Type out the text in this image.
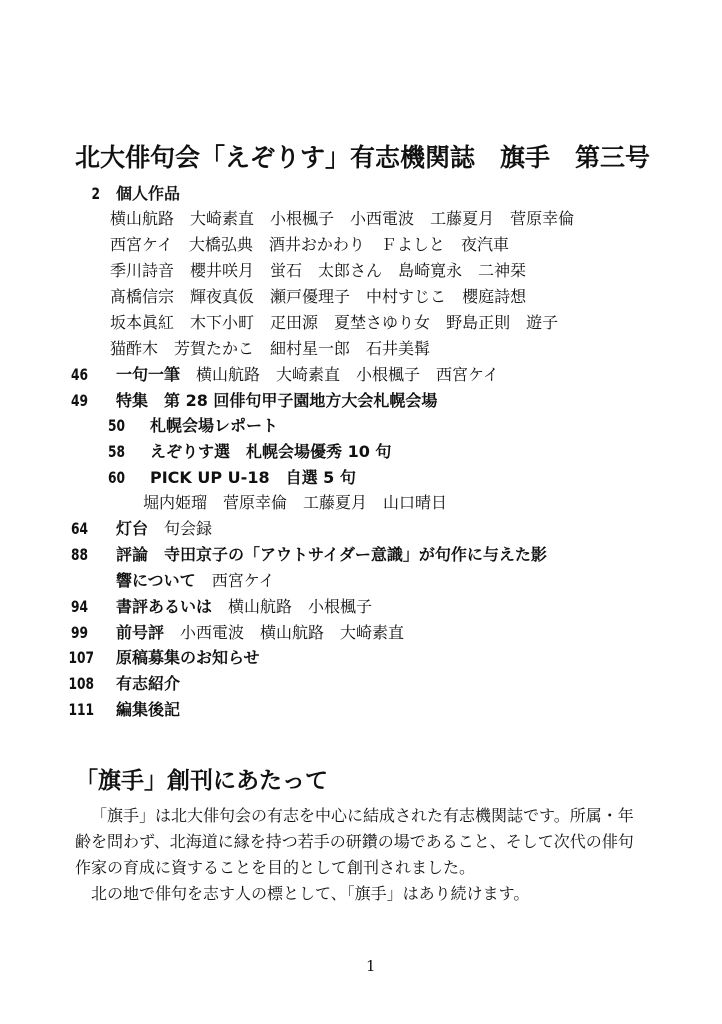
北大俳句会「えぞりす」有志機関誌　旗手　第三号
2 個人作品
横山航路 大崎素直 小根楓子 小西電波 工藤夏月 菅原幸倫
西宮ケイ 大橋弘典 酒井おかわり Ｆよしと 夜汽車
季川詩音 櫻井咲月 蛍石 太郎さん 島崎寛永 二神栞
髙橋信宗 輝夜真仮 瀬戸優理子 中村すじこ 櫻庭詩想
坂本眞紅 木下小町 疋田源 夏埜さゆり女 野島正則 遊子
猫酢木 芳賀たかこ 細村星一郎 石井美髯
46 一句一筆 横山航路　大崎素直　小根楓子　西宮ケイ
49 特集　第 28 回俳句甲子園地方大会札幌会場
50 札幌会場レポート
58 えぞりす選　札幌会場優秀 10 句
60 PICK UP U-18　自選 5 句
堀内姫瑠　菅原幸倫　工藤夏月　山口晴日
64 灯台 句会録
88 評論　寺田京子の「アウトサイダー意識」が句作に与えた影
響について 西宮ケイ
94 書評あるいは 横山航路　小根楓子
99 前号評 小西電波　横山航路　大崎素直
107 原稿募集のお知らせ
108 有志紹介
111 編集後記
「旗手」創刊にあたって

「旗手」は北大俳句会の有志を中心に結成された有志機関誌です。所属・年齢を問わず、北海道に縁を持つ若手の研鑽の場であること、そして次代の俳句作家の育成に資することを目的として創刊されました。

北の地で俳句を志す人の標として、「旗手」はあり続けます。

1
